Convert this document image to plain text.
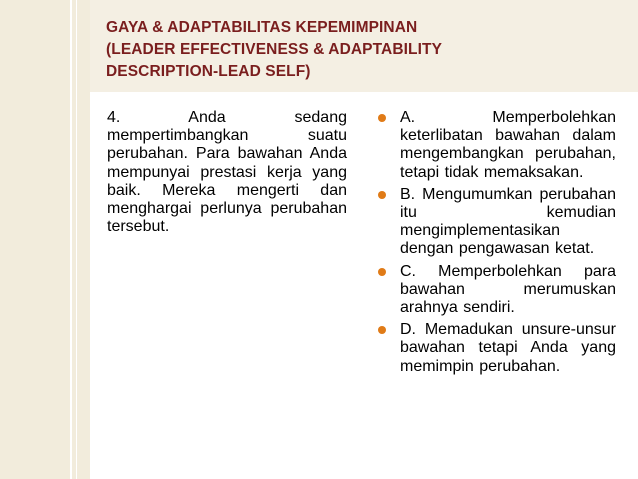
GAYA & ADAPTABILITAS KEPEMIMPINAN
(LEADER EFFECTIVENESS & ADAPTABILITY
DESCRIPTION-LEAD SELF)
4. Anda sedang mempertimbangkan suatu perubahan. Para bawahan Anda mempunyai prestasi kerja yang baik. Mereka mengerti dan menghargai perlunya perubahan tersebut.
A. Memperbolehkan keterlibatan bawahan dalam mengembangkan perubahan, tetapi tidak memaksakan.
B. Mengumumkan perubahan itu kemudian mengimplementasikan dengan pengawasan ketat.
C. Memperbolehkan para bawahan merumuskan arahnya sendiri.
D. Memadukan unsure-unsur bawahan tetapi Anda yang memimpin perubahan.
